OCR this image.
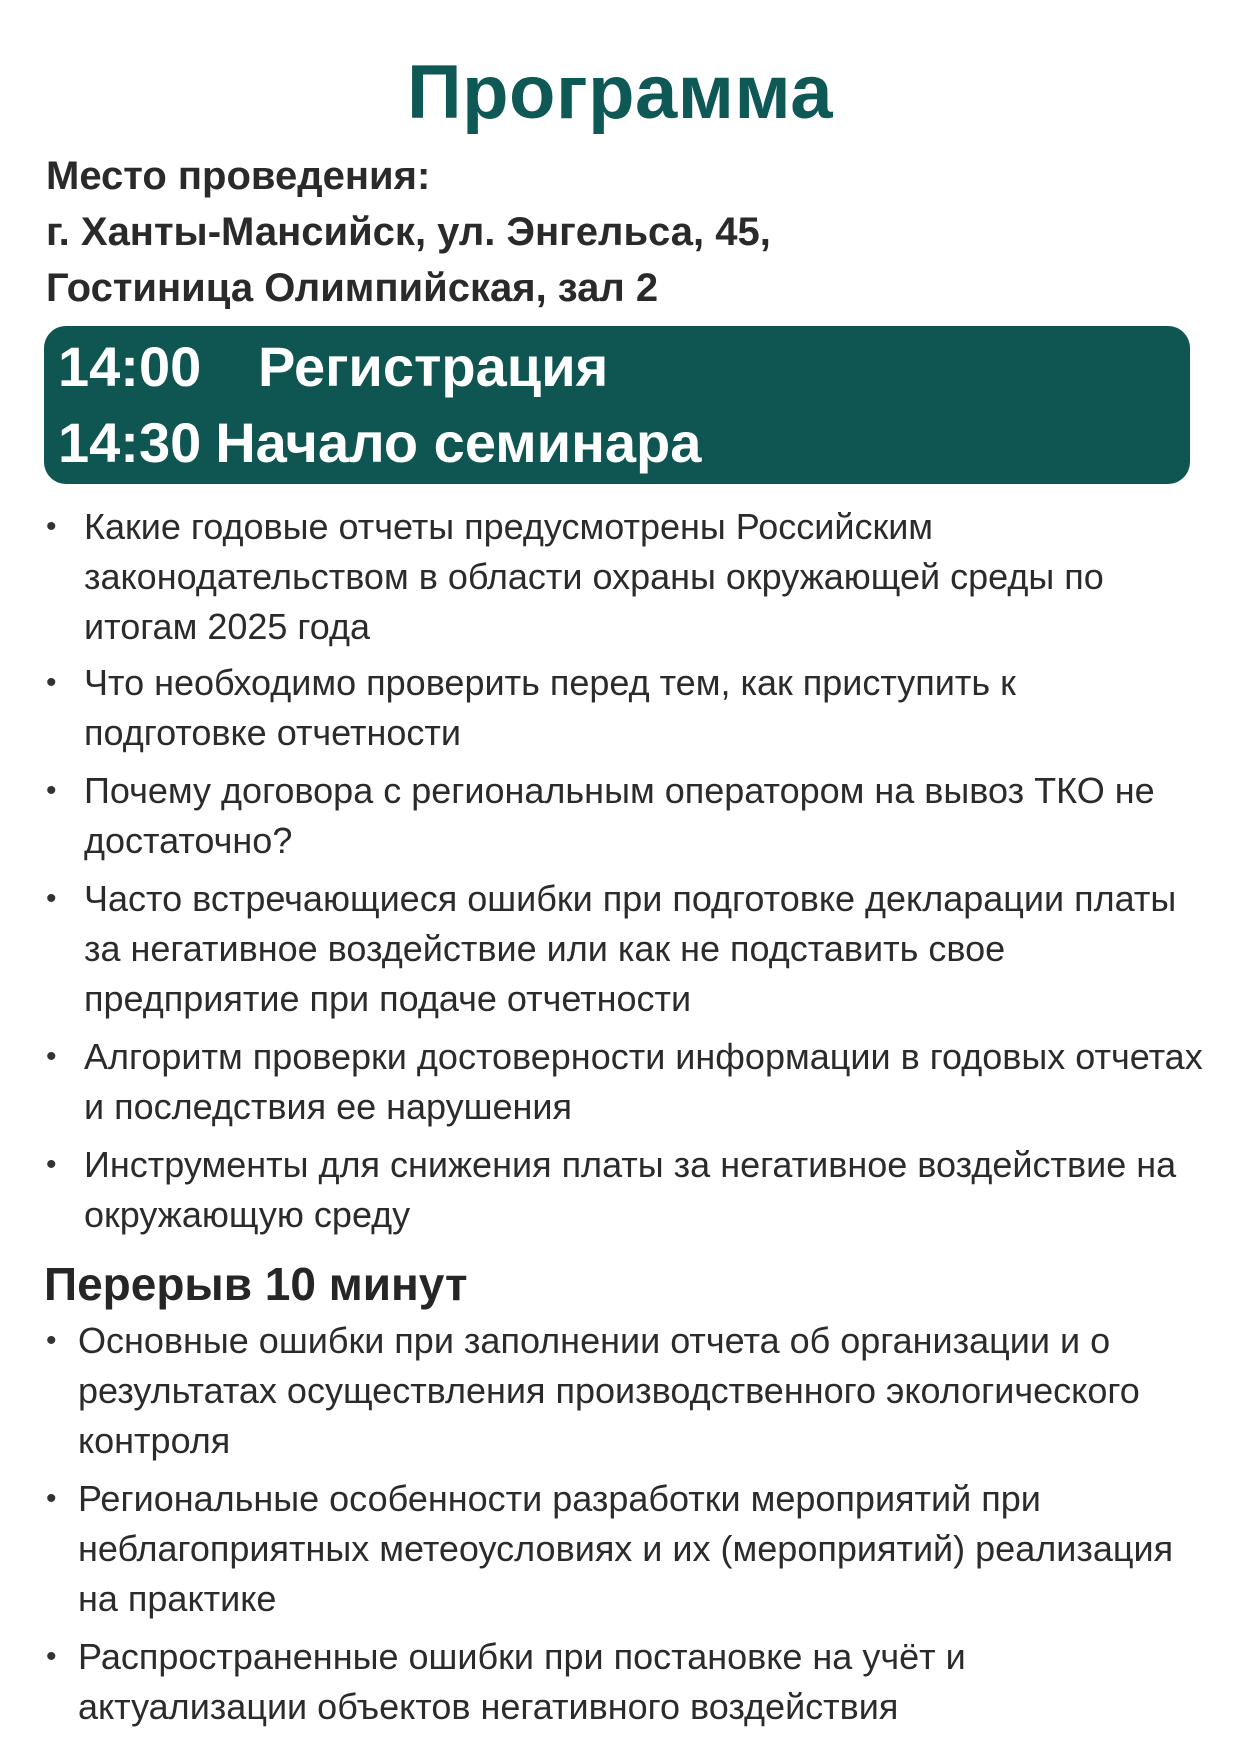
Программа
Место проведения:
г. Ханты-Мансийск, ул. Энгельса, 45,
Гостиница Олимпийская, зал 2
14:00 Регистрация
14:30 Начало семинара
• Какие годовые отчеты предусмотрены Российским законодательством в области охраны окружающей среды по итогам 2025 года
• Что необходимо проверить перед тем, как приступить к подготовке отчетности
• Почему договора с региональным оператором на вывоз ТКО не достаточно?
• Часто встречающиеся ошибки при подготовке декларации платы за негативное воздействие или как не подставить свое предприятие при подаче отчетности
• Алгоритм проверки достоверности информации в годовых отчетах и последствия ее нарушения
• Инструменты для снижения платы за негативное воздействие на окружающую среду
Перерыв 10 минут
• Основные ошибки при заполнении отчета об организации и о результатах осуществления производственного экологического контроля
• Региональные особенности разработки мероприятий при неблагоприятных метеоусловиях и их (мероприятий) реализация на практике
• Распространенные ошибки при постановке на учёт и актуализации объектов негативного воздействия
